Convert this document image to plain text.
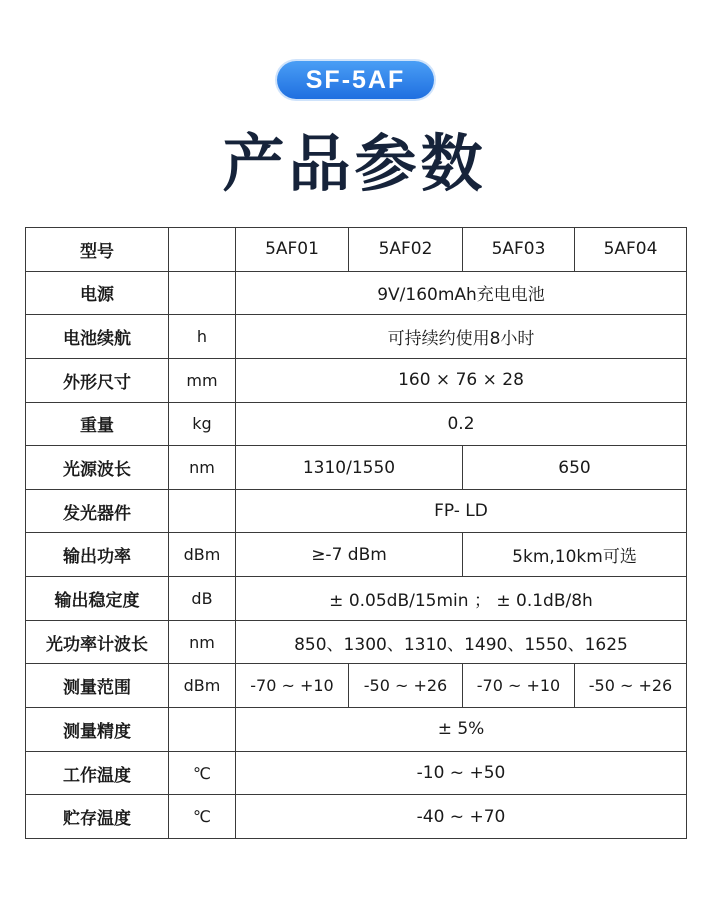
SF-5AF
产品参数
型号		5AF01	5AF02	5AF03	5AF04
电源		9V/160mAh充电电池			
电池续航	h	可持续约使用8小时			
外形尺寸	mm	160 × 76 × 28			
重量	kg	0.2			
光源波长	nm	1310/1550		650	
发光器件		FP- LD			
输出功率	dBm	≥-7 dBm		5km,10km可选	
输出稳定度	dB	± 0.05dB/15min ； ± 0.1dB/8h			
光功率计波长	nm	850、1300、1310、1490、1550、1625			
测量范围	dBm	-70 ~ +10	-50 ~ +26	-70 ~ +10	-50 ~ +26
测量精度		± 5%			
工作温度	℃	-10 ~ +50			
贮存温度	℃	-40 ~ +70			
